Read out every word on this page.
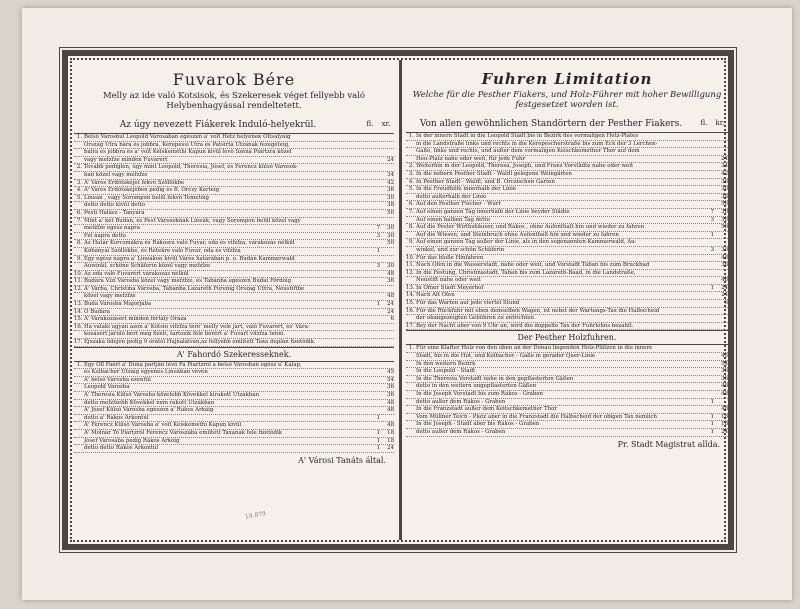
Fuvarok Bére
Melly az ide való Kotsisok, és Szekeresek véget fellyebb való Helybenhagyással rendeltetett.
Az úgy nevezett Fiákerek Induló-helyekrül.	fl.	xr.
1. Belső Városbul Leopold Városában egészen a' volt Hetz helyéneк Oltsalyáig
Ország Útra bára és jobbra, Kerepessi Útra és Patsirta Utzának fezegéteig,
balra és jobbra és a' volt Kelskeméthi Kapun kivül lévő Széna Piartzra közel
vagy mefzfze minden Fuvarért	24
2. Tovább pediglen, úgy mint Leopold, Theresia, Jósef, és Ferencz külső Városok-
ban közel vagy mefzfze	34
3. A' Város Erdőtskéjét fekvő Szöllőkbe	42
4. A' Város Erdőtskéjében pedig és B. Orczy Kerteig	36
5. Lineán , vagy Sorompon belül fekvő Temetőig	30
detto detto kivül detto	38
6. Pesti Halász - Tanyára	50
7. Mint a' két Budán, és Pest Városoknak Lineák, vagy Sorompon belül közel vagy
mefzfze egész napra	7	30
Fél napra detto	3	30
8. Az Határ Korcsmákra és Rákosra való Fuvar, oda és vifzfza, várakozás nélkül	50
Kőbányai Szőllőkbe, és Rétekre való Fuvar, oda és vifzfza	1
9. Egy egész napra a' Lineákon kivül Város határában p. o. Budán Kammerwald
Auwinkl, schöne Schäferin közel vagy mefzfze	3	30
10. Az oda való Fuvarért várakozás nélkül	48
11. Budára Vizi Városba közel vagy mefzfze, és Tabánba egészen Budai Fördőig	36
12. A' Várba, Christina Városba, Tabanba Lazareth Forenig Ország Úttra, Neustiftbe
közel vagy mefzfze	48
13. Buda Városba Majorjába	1	24
14. O Budára	24
15. A' Várakozásért minden fértály Óráza	6
16. Ha valaki ugyan azon a' Kotsin vifzfza téré' melly vele járt, való Fuvarért, és' Vára-
kozásért járuló bért meg fizeti, tartozik félé bérért a' Fuvart vifzfza tenni.
17. Éjszaka üdején pedig 9 órától Hajnalálván,az fellyebb említett Taxa duplán fizetődik.
A' Fahordó Szekeresseknek.
1. Egy Öll Fáért a' Duna partján lévő Fa Piartzról a belső Városban egész a' Kalap,
és Kolbacher Utzáig egyenes Lineában vévén	45
A' belső Városba ezentül	54
Leopold Városba	36
A' Theresia Külső Városba közelebb Kövekkel kirakott Útzákban	36
detto mefzfzebb Kövekkel nem rakott Útzákban	48
A' Jósef Külső Városba egészen a' Rákos Árkáig	48
detto a' Rákos Árkontúl	1
A' Ferencz Külső Városba a' volt Keiskeméthi Kapun kivül	48
A' Molnár Tó Piartzról Ferencz Városzába említett Taxanak fele fizetődik	1	18
Jósef Városába pedig Rákos Árkóig	1	18
detto detto Rákos Árkontúl	1	24
A' Városi Tanáts által.
Fuhren Limitation
Welche für die Pesther Fiakers, und Holz-Führer mit hoher Bewilligung festgesetzet worden ist.
Von allen gewöhnlichen Standörtern der Pesther Fiakers.	fl.	kr.
1. In der innern Stadt in die Leopold Stadt bis in Bezirk des vormaligen Hetz-Plates
in die Landstraße links und rechts in die Kerepescherstraße bis zum Eck der 3 Lerchen-
Gaße, links und rechts, und außer dem vormaligen Keischkemether Thor auf dem
Heu-Platz nahe oder weit, für jede Fuhr	24
2. Weiterhin in der Leopold, Theresa, Joseph, und Franz Vorstädte nahe oder weit	34
3. In die nebern Pesther Stadt - Waldl gelegene Weingärten	42
4. In Pesther Stadt - Waldl, und B. Orczischen Garten	36
5. In die Freudhöfe innerhalb der Linie	30
detto außerhalb der Linie	38
6. Auf den Pesther Fischer - Wurf	50
7. Auf einen ganzen Tag innerhalb der Linie beyder Städte	7	30
Auf einen halben Tag detto	3	30
8. Auf die Pester Wirthshäuser, und Rákos , ohne Aufenthalt hin und wieder zu fahren	50
Auf die Wiesen, und Steinbruch ohne Aufenthalt hin und wieder zu fahren	1
9. Auf einen ganzen Tag außer der Linie, als in den sogenannten Kammerwald, Au-
winkel, und zur schön Schäferin	3	30
10. Für das bloße Hinfahren	48
11. Nach Ofen in die Wasserstadt, nahe oder weit, und Vorstadt Taban bis zum Bruckbad	36
12. In die Festung, Christinastadt, Taban bis zum Lazareth-Baad, in die Landstraße,
Neustift nahe oder weit	48
13. In Ofner Stadt Meyerhof	1	24
14. Nach Alt Ofen	24
15. Für das Warten auf jede viertel Stund	6
16. Für die Rückfuhr mit eben demselben Wagen, ist nebst der Wartungs-Tax die Halbscheid
der obangezeigten Gebühren zu entrichten.
17. Bey der Nacht aber von 9 Uhr an, wird die doppelte Tax der Fuhrlohns bezahlt.
Der Pesther Holzfuhren.
1. Für eine Klafter Holz von den oben an der Donau liegenden Holz-Plätzen in die innere
Stadt, bis in die Hut, und Kolbacher - Gaße in gerader Quer-Linie	45
In den weitern Bezirk	54
In die Leopold - Stadt	36
In die Theresia Vorstadt nahe in den gepflasterten Gäßen	36
detto in den weitern ungepflasterten Gäßen	48
In die Joseph Vorstadt bis zum Rákos - Graben	48
detto außer dem Rákos - Graben	1
In die Franzstadt außer dem Keitschkemether Thor	48
Vom Müllner Teich - Platz aber in die Franzstadt die Halbscheid der obigen Tax nemlich	1	18
In die Joseph - Stadt aber bis Rákos - Graben	1	18
detto außer dem Rákos - Graben	1	24
Pr. Stadt Magistrat allda.
19.879
